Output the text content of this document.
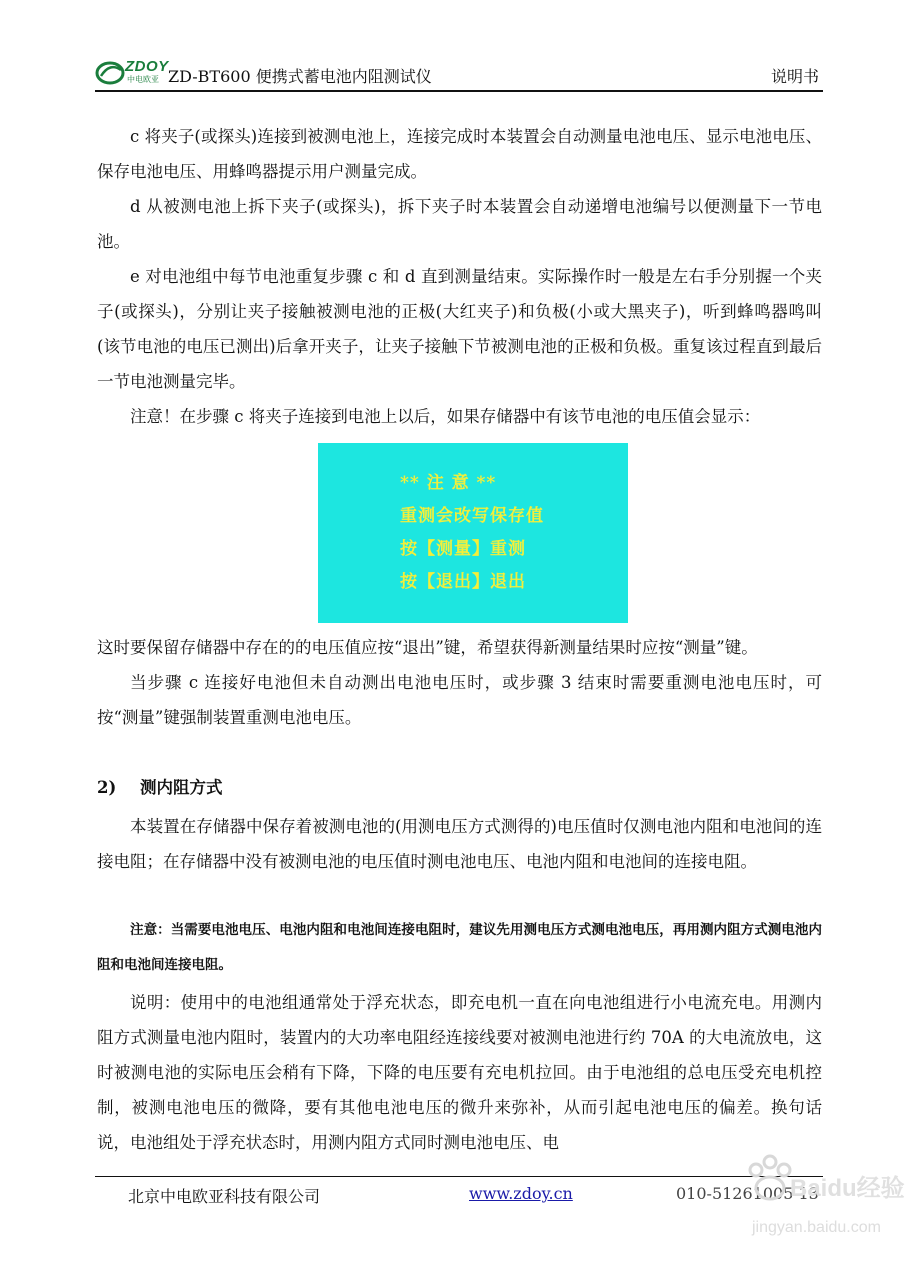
ZDOY
中电欧亚 ZD-BT600 便携式蓄电池内阻测试仪	说明书

c 将夹子(或探头)连接到被测电池上，连接完成时本装置会自动测量电池电压、显示电池电压、保存电池电压、用蜂鸣器提示用户测量完成。

d 从被测电池上拆下夹子(或探头)，拆下夹子时本装置会自动递增电池编号以便测量下一节电池。

e 对电池组中每节电池重复步骤 c 和 d 直到测量结束。实际操作时一般是左右手分别握一个夹子(或探头)，分别让夹子接触被测电池的正极(大红夹子)和负极(小或大黑夹子)，听到蜂鸣器鸣叫 (该节电池的电压已测出)后拿开夹子，让夹子接触下节被测电池的正极和负极。重复该过程直到最后一节电池测量完毕。

注意！在步骤 c 将夹子连接到电池上以后，如果存储器中有该节电池的电压值会显示：

** 注 意 **
重测会改写保存值
按【测量】重测
按【退出】退出

这时要保留存储器中存在的的电压值应按“退出”键，希望获得新测量结果时应按“测量”键。

当步骤 c 连接好电池但未自动测出电池电压时，或步骤 3 结束时需要重测电池电压时，可按“测量”键强制装置重测电池电压。

2) 测内阻方式

本装置在存储器中保存着被测电池的(用测电压方式测得的)电压值时仅测电池内阻和电池间的连接电阻；在存储器中没有被测电池的电压值时测电池电压、电池内阻和电池间的连接电阻。

注意：当需要电池电压、电池内阻和电池间连接电阻时，建议先用测电压方式测电池电压，再用测内阻方式测电池内阻和电池间连接电阻。

说明：使用中的电池组通常处于浮充状态，即充电机一直在向电池组进行小电流充电。用测内阻方式测量电池内阻时，装置内的大功率电阻经连接线要对被测电池进行约 70A 的大电流放电，这时被测电池的实际电压会稍有下降，下降的电压要有充电机拉回。由于电池组的总电压受充电机控制，被测电池电压的微降，要有其他电池电压的微升来弥补，从而引起电池电压的偏差。换句话说，电池组处于浮充状态时，用测内阻方式同时测电池电压、电

北京中电欧亚科技有限公司	www.zdoy.cn	010-51261005 13
Baidu经验
jingyan.baidu.com
